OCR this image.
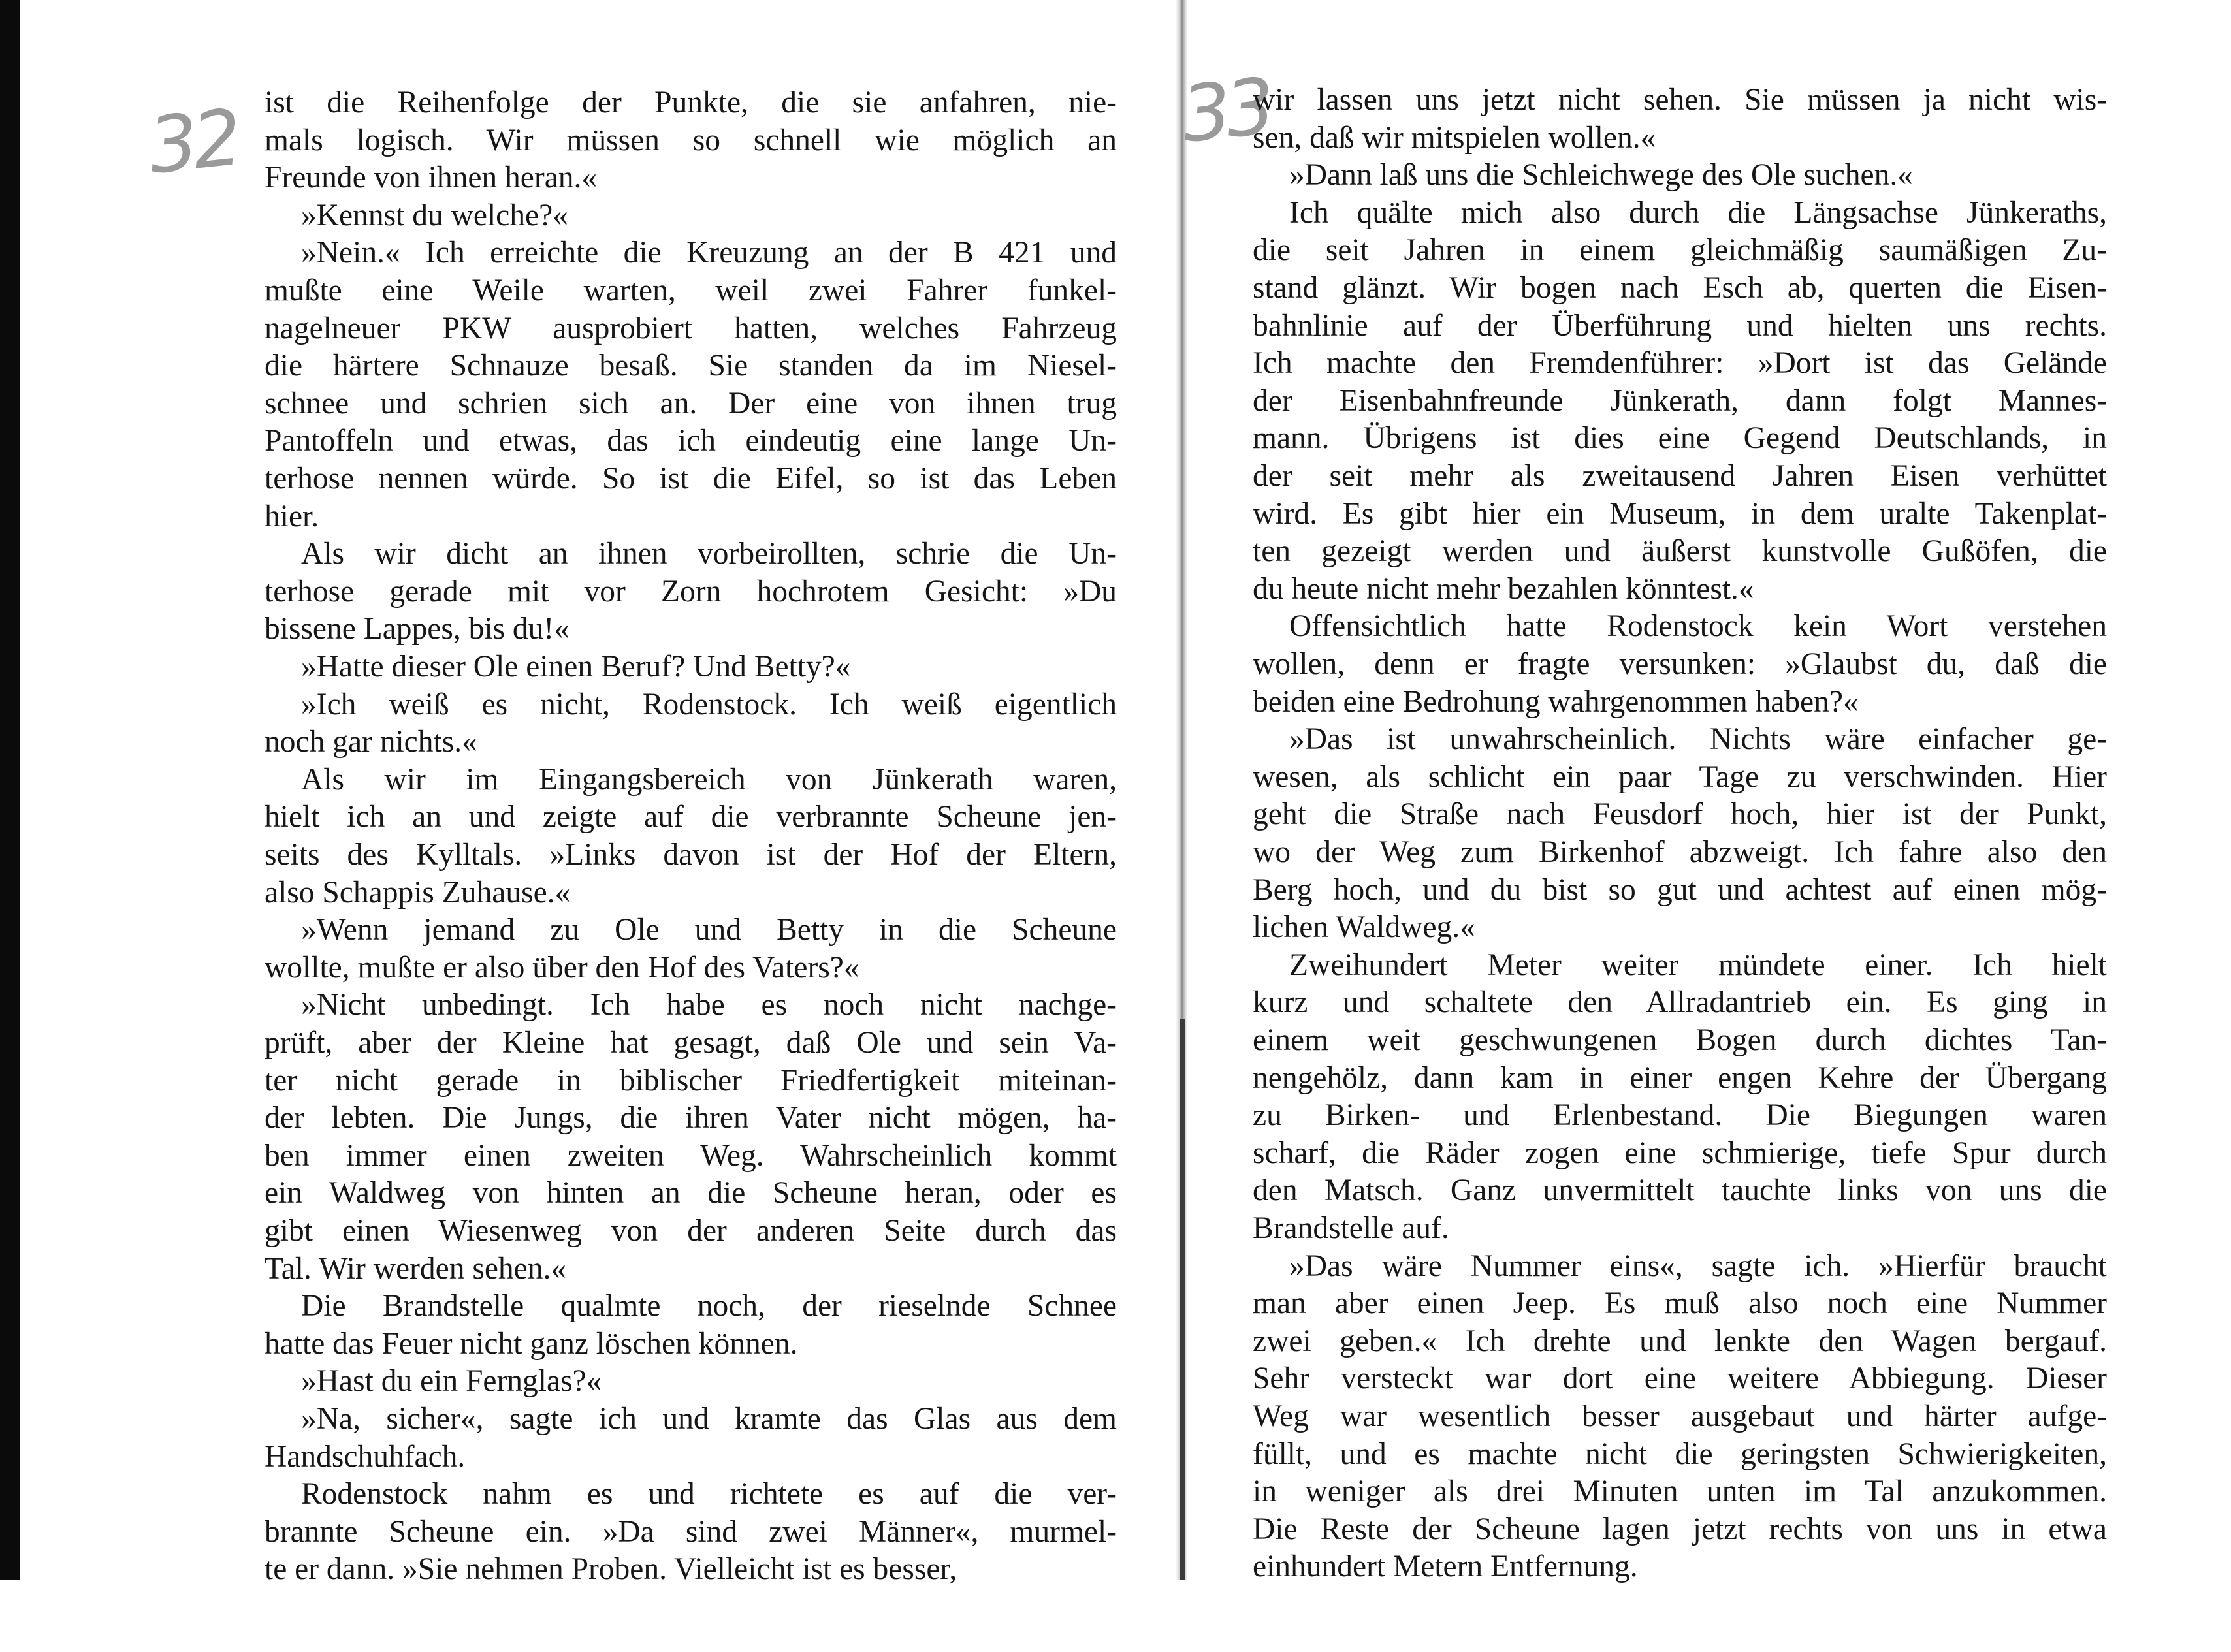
32	33
ist die Reihenfolge der Punkte, die sie anfahren, nie-
mals logisch. Wir müssen so schnell wie möglich an
Freunde von ihnen heran.«
»Kennst du welche?«
»Nein.« Ich erreichte die Kreuzung an der B 421 und
mußte eine Weile warten, weil zwei Fahrer funkel-
nagelneuer PKW ausprobiert hatten, welches Fahrzeug
die härtere Schnauze besaß. Sie standen da im Niesel-
schnee und schrien sich an. Der eine von ihnen trug
Pantoffeln und etwas, das ich eindeutig eine lange Un-
terhose nennen würde. So ist die Eifel, so ist das Leben
hier.
Als wir dicht an ihnen vorbeirollten, schrie die Un-
terhose gerade mit vor Zorn hochrotem Gesicht: »Du
bissene Lappes, bis du!«
»Hatte dieser Ole einen Beruf? Und Betty?«
»Ich weiß es nicht, Rodenstock. Ich weiß eigentlich
noch gar nichts.«
Als wir im Eingangsbereich von Jünkerath waren,
hielt ich an und zeigte auf die verbrannte Scheune jen-
seits des Kylltals. »Links davon ist der Hof der Eltern,
also Schappis Zuhause.«
»Wenn jemand zu Ole und Betty in die Scheune
wollte, mußte er also über den Hof des Vaters?«
»Nicht unbedingt. Ich habe es noch nicht nachge-
prüft, aber der Kleine hat gesagt, daß Ole und sein Va-
ter nicht gerade in biblischer Friedfertigkeit miteinan-
der lebten. Die Jungs, die ihren Vater nicht mögen, ha-
ben immer einen zweiten Weg. Wahrscheinlich kommt
ein Waldweg von hinten an die Scheune heran, oder es
gibt einen Wiesenweg von der anderen Seite durch das
Tal. Wir werden sehen.«
Die Brandstelle qualmte noch, der rieselnde Schnee
hatte das Feuer nicht ganz löschen können.
»Hast du ein Fernglas?«
»Na, sicher«, sagte ich und kramte das Glas aus dem
Handschuhfach.
Rodenstock nahm es und richtete es auf die ver-
brannte Scheune ein. »Da sind zwei Männer«, murmel-
te er dann. »Sie nehmen Proben. Vielleicht ist es besser,
wir lassen uns jetzt nicht sehen. Sie müssen ja nicht wis-
sen, daß wir mitspielen wollen.«
»Dann laß uns die Schleichwege des Ole suchen.«
Ich quälte mich also durch die Längsachse Jünkeraths,
die seit Jahren in einem gleichmäßig saumäßigen Zu-
stand glänzt. Wir bogen nach Esch ab, querten die Eisen-
bahnlinie auf der Überführung und hielten uns rechts.
Ich machte den Fremdenführer: »Dort ist das Gelände
der Eisenbahnfreunde Jünkerath, dann folgt Mannes-
mann. Übrigens ist dies eine Gegend Deutschlands, in
der seit mehr als zweitausend Jahren Eisen verhüttet
wird. Es gibt hier ein Museum, in dem uralte Takenplat-
ten gezeigt werden und äußerst kunstvolle Gußöfen, die
du heute nicht mehr bezahlen könntest.«
Offensichtlich hatte Rodenstock kein Wort verstehen
wollen, denn er fragte versunken: »Glaubst du, daß die
beiden eine Bedrohung wahrgenommen haben?«
»Das ist unwahrscheinlich. Nichts wäre einfacher ge-
wesen, als schlicht ein paar Tage zu verschwinden. Hier
geht die Straße nach Feusdorf hoch, hier ist der Punkt,
wo der Weg zum Birkenhof abzweigt. Ich fahre also den
Berg hoch, und du bist so gut und achtest auf einen mög-
lichen Waldweg.«
Zweihundert Meter weiter mündete einer. Ich hielt
kurz und schaltete den Allradantrieb ein. Es ging in
einem weit geschwungenen Bogen durch dichtes Tan-
nengehölz, dann kam in einer engen Kehre der Übergang
zu Birken- und Erlenbestand. Die Biegungen waren
scharf, die Räder zogen eine schmierige, tiefe Spur durch
den Matsch. Ganz unvermittelt tauchte links von uns die
Brandstelle auf.
»Das wäre Nummer eins«, sagte ich. »Hierfür braucht
man aber einen Jeep. Es muß also noch eine Nummer
zwei geben.« Ich drehte und lenkte den Wagen bergauf.
Sehr versteckt war dort eine weitere Abbiegung. Dieser
Weg war wesentlich besser ausgebaut und härter aufge-
füllt, und es machte nicht die geringsten Schwierigkeiten,
in weniger als drei Minuten unten im Tal anzukommen.
Die Reste der Scheune lagen jetzt rechts von uns in etwa
einhundert Metern Entfernung.
